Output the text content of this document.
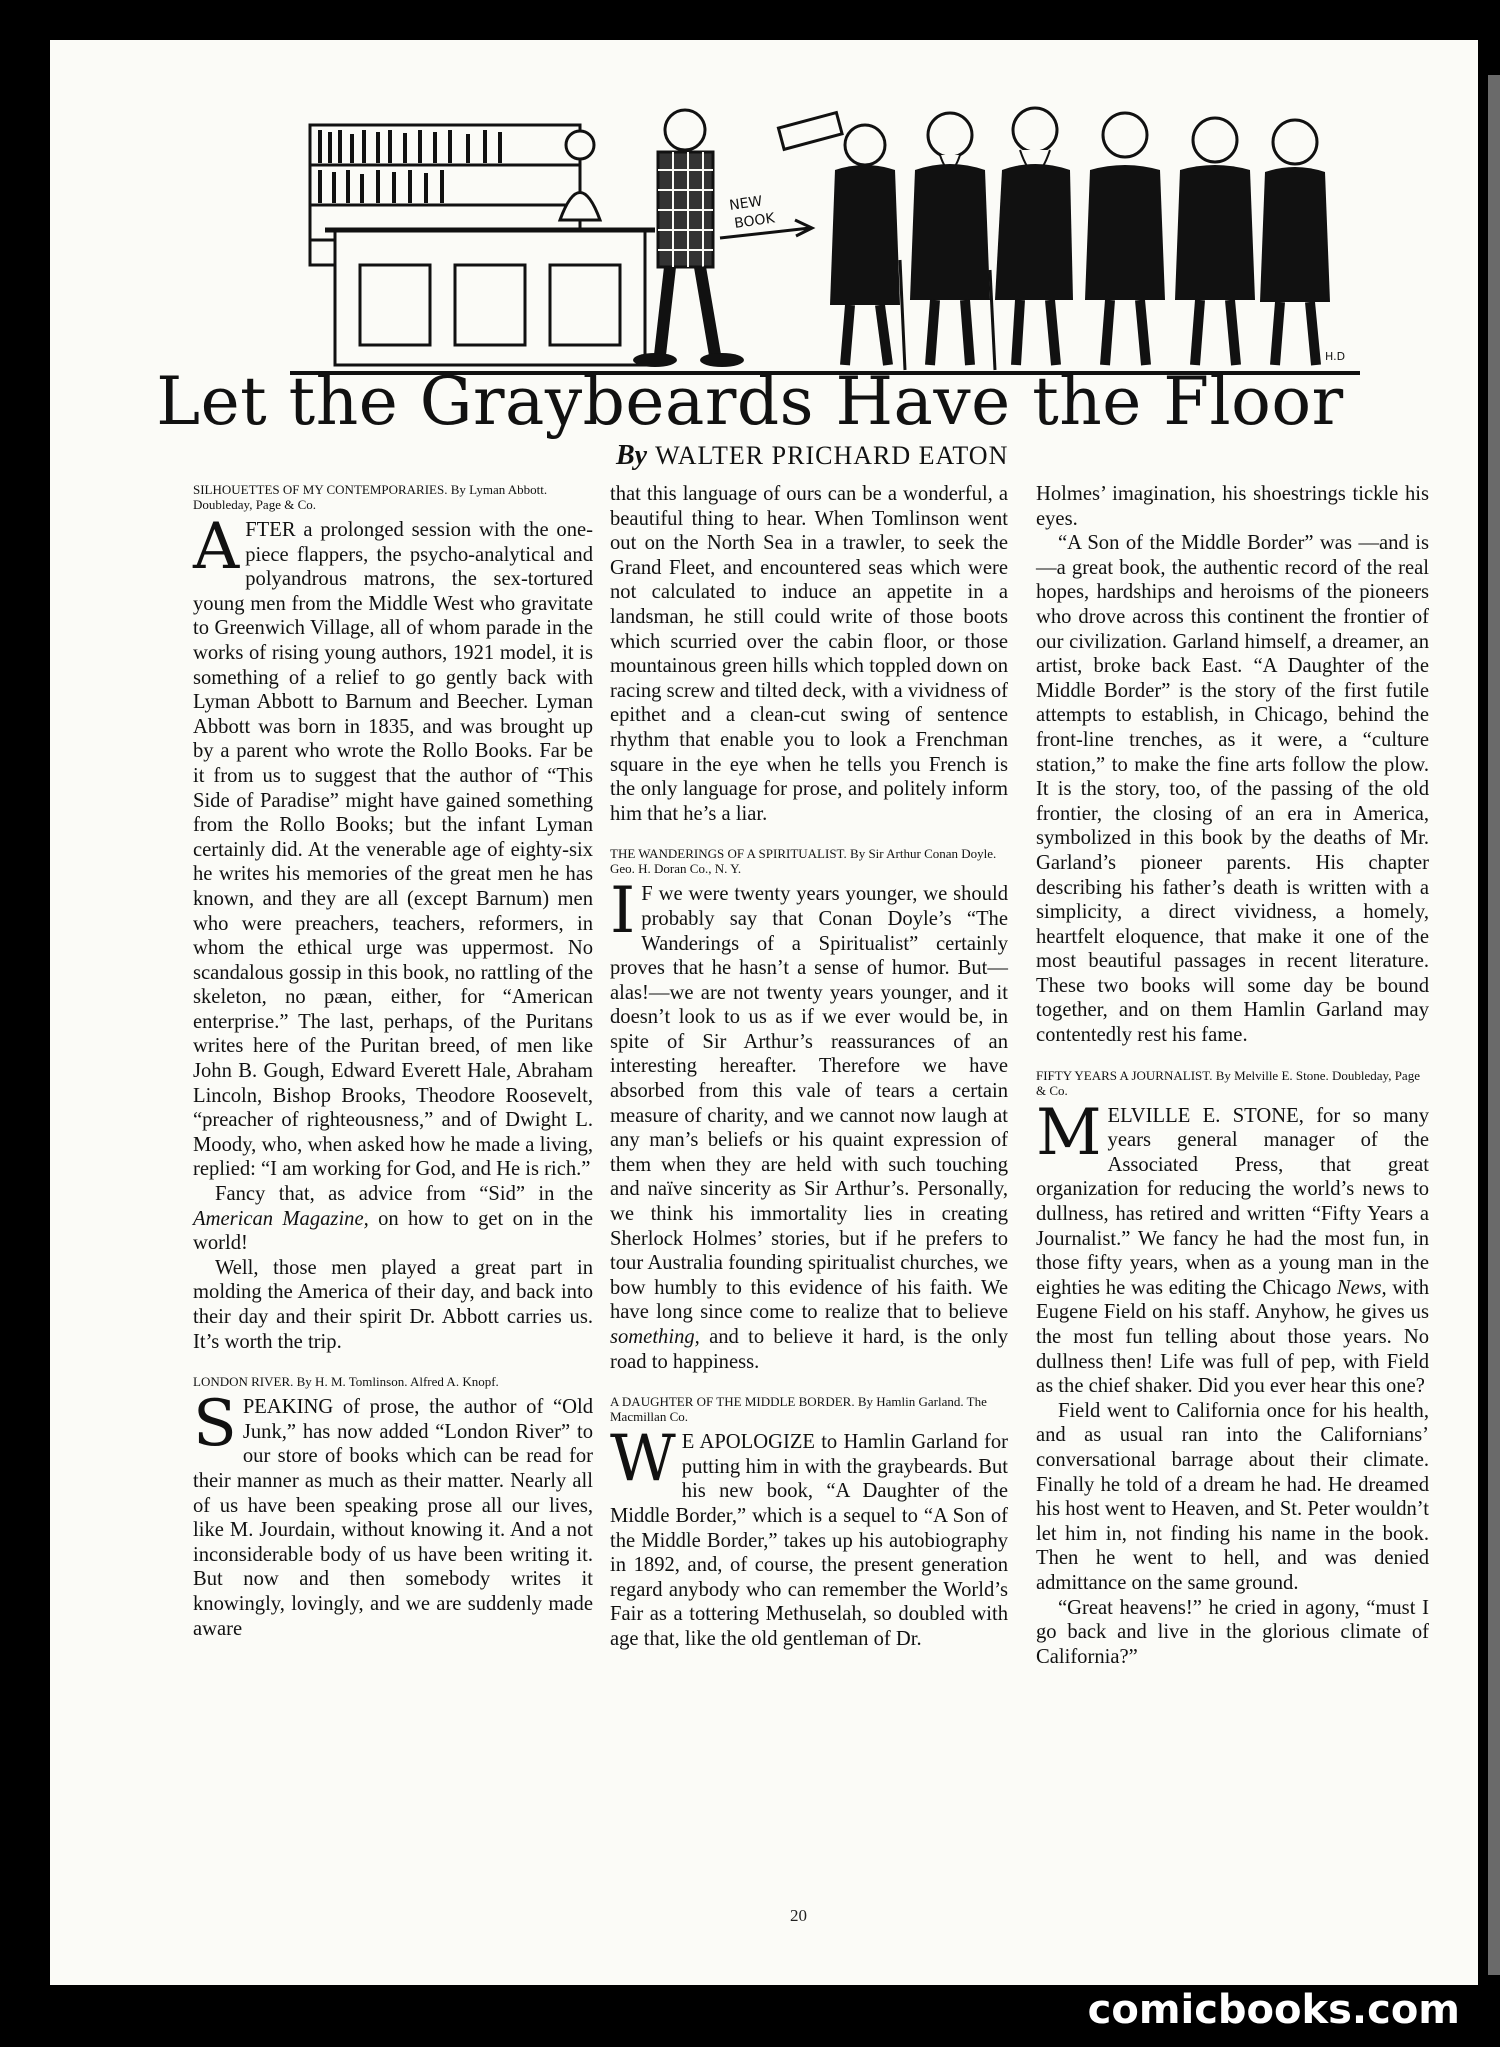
NEW
BOOK
H.D
Let the Graybeards Have the Floor
By WALTER PRICHARD EATON

SILHOUETTES OF MY CONTEMPORARIES. By Lyman Abbott. Doubleday, Page & Co.

AFTER a prolonged session with the one-piece flappers, the psycho-analytical and polyandrous matrons, the sex-tortured young men from the Middle West who gravitate to Greenwich Village, all of whom parade in the works of rising young authors, 1921 model, it is something of a relief to go gently back with Lyman Abbott to Barnum and Beecher. Lyman Abbott was born in 1835, and was brought up by a parent who wrote the Rollo Books. Far be it from us to suggest that the author of “This Side of Paradise” might have gained something from the Rollo Books; but the infant Lyman certainly did. At the venerable age of eighty-six he writes his memories of the great men he has known, and they are all (except Barnum) men who were preachers, teachers, reformers, in whom the ethical urge was uppermost. No scandalous gossip in this book, no rattling of the skeleton, no pæan, either, for “American enterprise.” The last, perhaps, of the Puritans writes here of the Puritan breed, of men like John B. Gough, Edward Everett Hale, Abraham Lincoln, Bishop Brooks, Theodore Roosevelt, “preacher of righteousness,” and of Dwight L. Moody, who, when asked how he made a living, replied: “I am working for God, and He is rich.”

Fancy that, as advice from “Sid” in the American Magazine, on how to get on in the world!

Well, those men played a great part in molding the America of their day, and back into their day and their spirit Dr. Abbott carries us. It’s worth the trip.

LONDON RIVER. By H. M. Tomlinson. Alfred A. Knopf.

SPEAKING of prose, the author of “Old Junk,” has now added “London River” to our store of books which can be read for their manner as much as their matter. Nearly all of us have been speaking prose all our lives, like M. Jourdain, without knowing it. And a not inconsiderable body of us have been writing it. But now and then somebody writes it knowingly, lovingly, and we are suddenly made aware

that this language of ours can be a wonderful, a beautiful thing to hear. When Tomlinson went out on the North Sea in a trawler, to seek the Grand Fleet, and encountered seas which were not calculated to induce an appetite in a landsman, he still could write of those boots which scurried over the cabin floor, or those mountainous green hills which toppled down on racing screw and tilted deck, with a vividness of epithet and a clean-cut swing of sentence rhythm that enable you to look a Frenchman square in the eye when he tells you French is the only language for prose, and politely inform him that he’s a liar.

THE WANDERINGS OF A SPIRITUALIST. By Sir Arthur Conan Doyle. Geo. H. Doran Co., N. Y.

I F we were twenty years younger, we should probably say that Conan Doyle’s “The Wanderings of a Spiritualist” certainly proves that he hasn’t a sense of humor. But—alas!—we are not twenty years younger, and it doesn’t look to us as if we ever would be, in spite of Sir Arthur’s reassurances of an interesting hereafter. Therefore we have absorbed from this vale of tears a certain measure of charity, and we cannot now laugh at any man’s beliefs or his quaint expression of them when they are held with such touching and naïve sincerity as Sir Arthur’s. Personally, we think his immortality lies in creating Sherlock Holmes’ stories, but if he prefers to tour Australia founding spiritualist churches, we bow humbly to this evidence of his faith. We have long since come to realize that to believe something, and to believe it hard, is the only road to happiness.

A DAUGHTER OF THE MIDDLE BORDER. By Hamlin Garland. The Macmillan Co.

W E APOLOGIZE to Hamlin Garland for putting him in with the graybeards. But his new book, “A Daughter of the Middle Border,” which is a sequel to “A Son of the Middle Border,” takes up his autobiography in 1892, and, of course, the present generation regard anybody who can remember the World’s Fair as a tottering Methuselah, so doubled with age that, like the old gentleman of Dr.

Holmes’ imagination, his shoestrings tickle his eyes.

“A Son of the Middle Border” was —and is—a great book, the authentic record of the real hopes, hardships and heroisms of the pioneers who drove across this continent the frontier of our civilization. Garland himself, a dreamer, an artist, broke back East. “A Daughter of the Middle Border” is the story of the first futile attempts to establish, in Chicago, behind the front-line trenches, as it were, a “culture station,” to make the fine arts follow the plow. It is the story, too, of the passing of the old frontier, the closing of an era in America, symbolized in this book by the deaths of Mr. Garland’s pioneer parents. His chapter describing his father’s death is written with a simplicity, a direct vividness, a homely, heartfelt eloquence, that make it one of the most beautiful passages in recent literature. These two books will some day be bound together, and on them Hamlin Garland may contentedly rest his fame.

FIFTY YEARS A JOURNALIST. By Melville E. Stone. Doubleday, Page & Co.

MELVILLE E. STONE, for so many years general manager of the Associated Press, that great organization for reducing the world’s news to dullness, has retired and written “Fifty Years a Journalist.” We fancy he had the most fun, in those fifty years, when as a young man in the eighties he was editing the Chicago News, with Eugene Field on his staff. Anyhow, he gives us the most fun telling about those years. No dullness then! Life was full of pep, with Field as the chief shaker. Did you ever hear this one?

Field went to California once for his health, and as usual ran into the Californians’ conversational barrage about their climate. Finally he told of a dream he had. He dreamed his host went to Heaven, and St. Peter wouldn’t let him in, not finding his name in the book. Then he went to hell, and was denied admittance on the same ground.

“Great heavens!” he cried in agony, “must I go back and live in the glorious climate of California?”

20
comicbooks.com
